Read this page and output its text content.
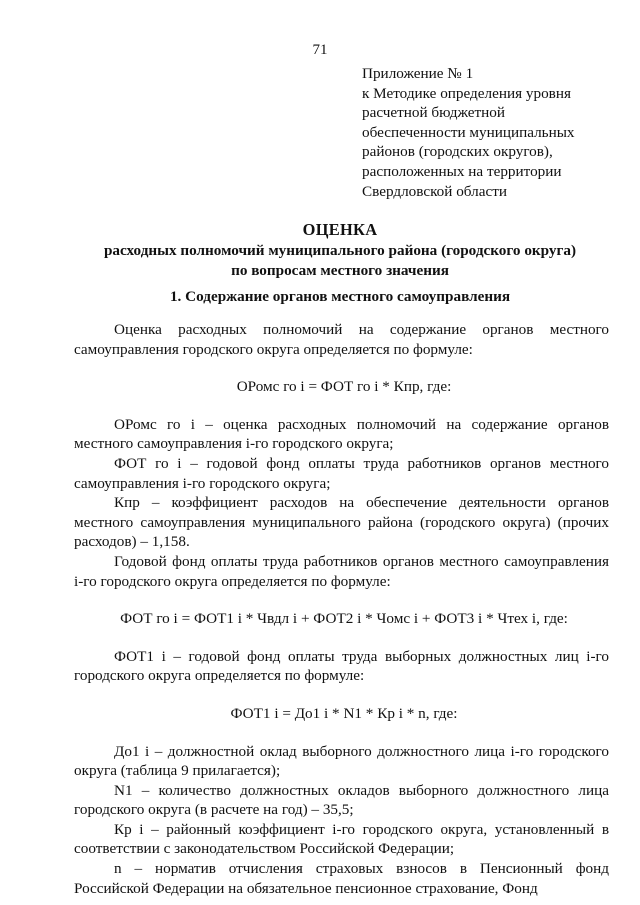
71
Приложение № 1
к Методике определения уровня
расчетной бюджетной
обеспеченности муниципальных
районов (городских округов),
расположенных на территории
Свердловской области
ОЦЕНКА
расходных полномочий муниципального района (городского округа)
по вопросам местного значения
1. Содержание органов местного самоуправления

Оценка расходных полномочий на содержание органов местного самоуправления городского округа определяется по формуле:

ОРомс го i = ФОТ го i * Кпр, где:

ОРомс го i – оценка расходных полномочий на содержание органов местного самоуправления i-го городского округа;

ФОТ го i – годовой фонд оплаты труда работников органов местного самоуправления i-го городского округа;

Кпр – коэффициент расходов на обеспечение деятельности органов местного самоуправления муниципального района (городского округа) (прочих расходов) – 1,158.

Годовой фонд оплаты труда работников органов местного самоуправления i-го городского округа определяется по формуле:

ФОТ го i = ФОТ1 i * Чвдл i + ФОТ2 i * Чомс i + ФОТ3 i * Чтех i, где:

ФОТ1 i – годовой фонд оплаты труда выборных должностных лиц i-го городского округа определяется по формуле:

ФОТ1 i = До1 i * N1 * Кр i * n, где:

До1 i – должностной оклад выборного должностного лица i-го городского округа (таблица 9 прилагается);

N1 – количество должностных окладов выборного должностного лица городского округа (в расчете на год) – 35,5;

Кр i – районный коэффициент i-го городского округа, установленный в соответствии с законодательством Российской Федерации;

n – норматив отчисления страховых взносов в Пенсионный фонд Российской Федерации на обязательное пенсионное страхование, Фонд
